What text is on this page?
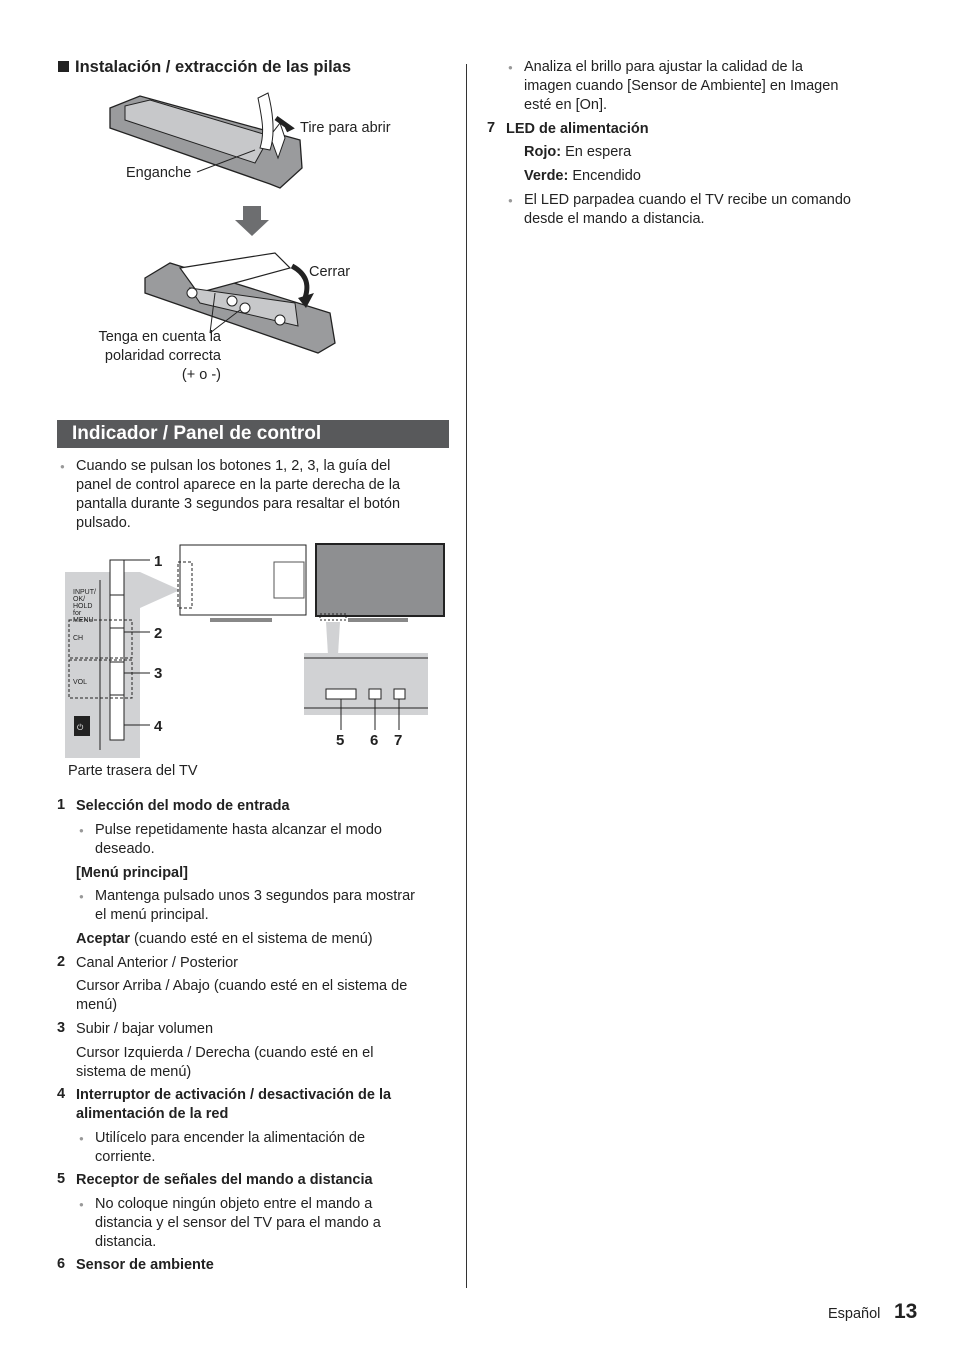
Instalación / extracción de las pilas
Tire para abrir
Enganche
Cerrar
Tenga en cuenta la
polaridad correcta
(+ o -)
Indicador / Panel de control
● Cuando se pulsan los botones 1, 2, 3, la guía del
panel de control aparece en la parte derecha de la
pantalla durante 3 segundos para resaltar el botón
pulsado.
INPUT/
OK/
HOLD
for
MENU
CH
VOL
⏻
1
2
3
4
5 6 7
Parte trasera del TV
1 Selección del modo de entrada
● Pulse repetidamente hasta alcanzar el modo
deseado.
[Menú principal]
● Mantenga pulsado unos 3 segundos para mostrar
el menú principal.
Aceptar (cuando esté en el sistema de menú)
2 Canal Anterior / Posterior
Cursor Arriba / Abajo (cuando esté en el sistema de
menú)
3 Subir / bajar volumen
Cursor Izquierda / Derecha (cuando esté en el
sistema de menú)
4 Interruptor de activación / desactivación de la
alimentación de la red
● Utilícelo para encender la alimentación de
corriente.
5 Receptor de señales del mando a distancia
● No coloque ningún objeto entre el mando a
distancia y el sensor del TV para el mando a
distancia.
6 Sensor de ambiente
● Analiza el brillo para ajustar la calidad de la
imagen cuando [Sensor de Ambiente] en Imagen
esté en [On].
7 LED de alimentación
Rojo: En espera
Verde: Encendido
● El LED parpadea cuando el TV recibe un comando
desde el mando a distancia.
Español 13
